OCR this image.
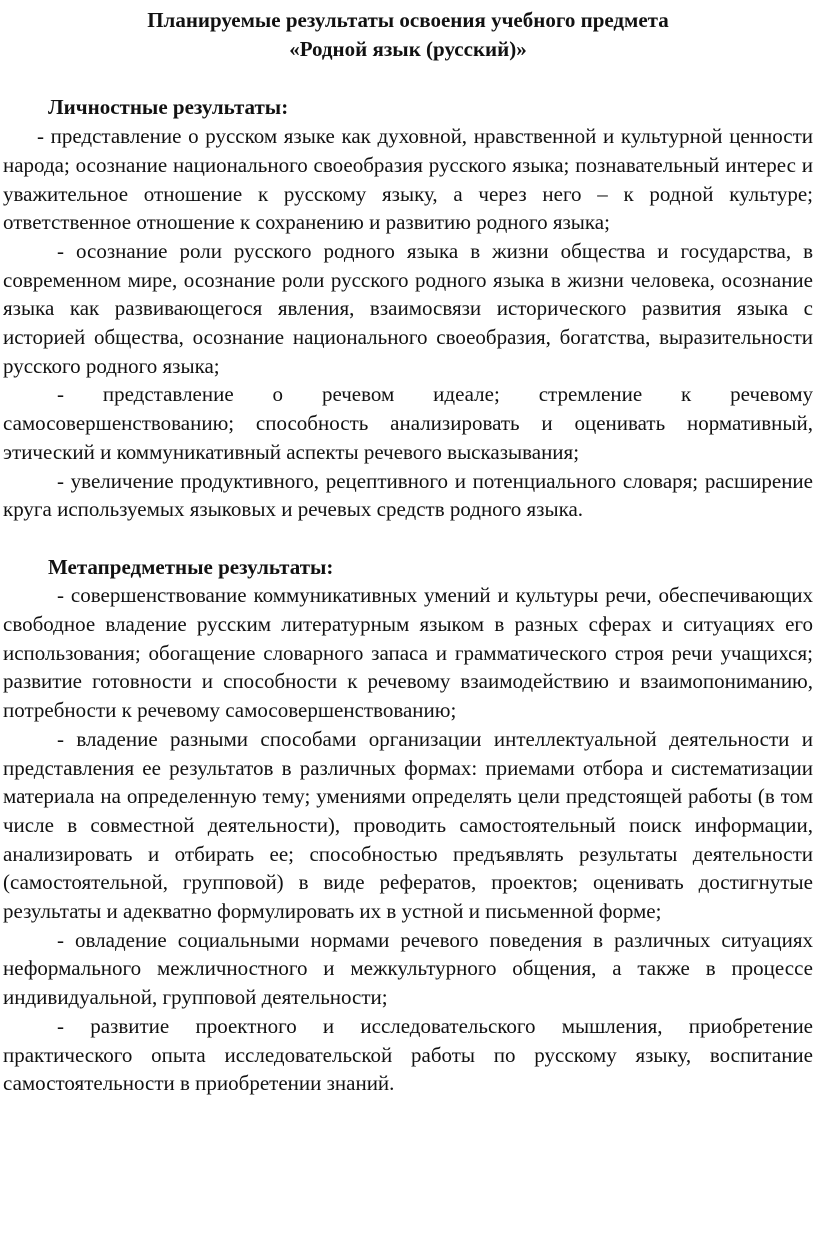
Планируемые результаты освоения учебного предмета
«Родной язык (русский)»
Личностные результаты:

- представление о русском языке как духовной, нравственной и культурной ценности народа; осознание национального своеобразия русского языка; познавательный интерес и уважительное отношение к русскому языку, а через него – к родной культуре; ответственное отношение к сохранению и развитию родного языка;

- осознание роли русского родного языка в жизни общества и государства, в современном мире, осознание роли русского родного языка в жизни человека, осознание языка как развивающегося явления, взаимосвязи исторического развития языка с историей общества, осознание национального своеобразия, богатства, выразительности русского родного языка;

- представление о речевом идеале; стремление к речевому самосовершенствованию; способность анализировать и оценивать нормативный, этический и коммуникативный аспекты речевого высказывания;

- увеличение продуктивного, рецептивного и потенциального словаря; расширение круга используемых языковых и речевых средств родного языка.

Метапредметные результаты:

- совершенствование коммуникативных умений и культуры речи, обеспечивающих свободное владение русским литературным языком в разных сферах и ситуациях его использования; обогащение словарного запаса и грамматического строя речи учащихся; развитие готовности и способности к речевому взаимодействию и взаимопониманию, потребности к речевому самосовершенствованию;

- владение разными способами организации интеллектуальной деятельности и представления ее результатов в различных формах: приемами отбора и систематизации материала на определенную тему; умениями определять цели предстоящей работы (в том числе в совместной деятельности), проводить самостоятельный поиск информации, анализировать и отбирать ее; способностью предъявлять результаты деятельности (самостоятельной, групповой) в виде рефератов, проектов; оценивать достигнутые результаты и адекватно формулировать их в устной и письменной форме;

- овладение социальными нормами речевого поведения в различных ситуациях неформального межличностного и межкультурного общения, а также в процессе индивидуальной, групповой деятельности;

- развитие проектного и исследовательского мышления, приобретение практического опыта исследовательской работы по русскому языку, воспитание самостоятельности в приобретении знаний.
